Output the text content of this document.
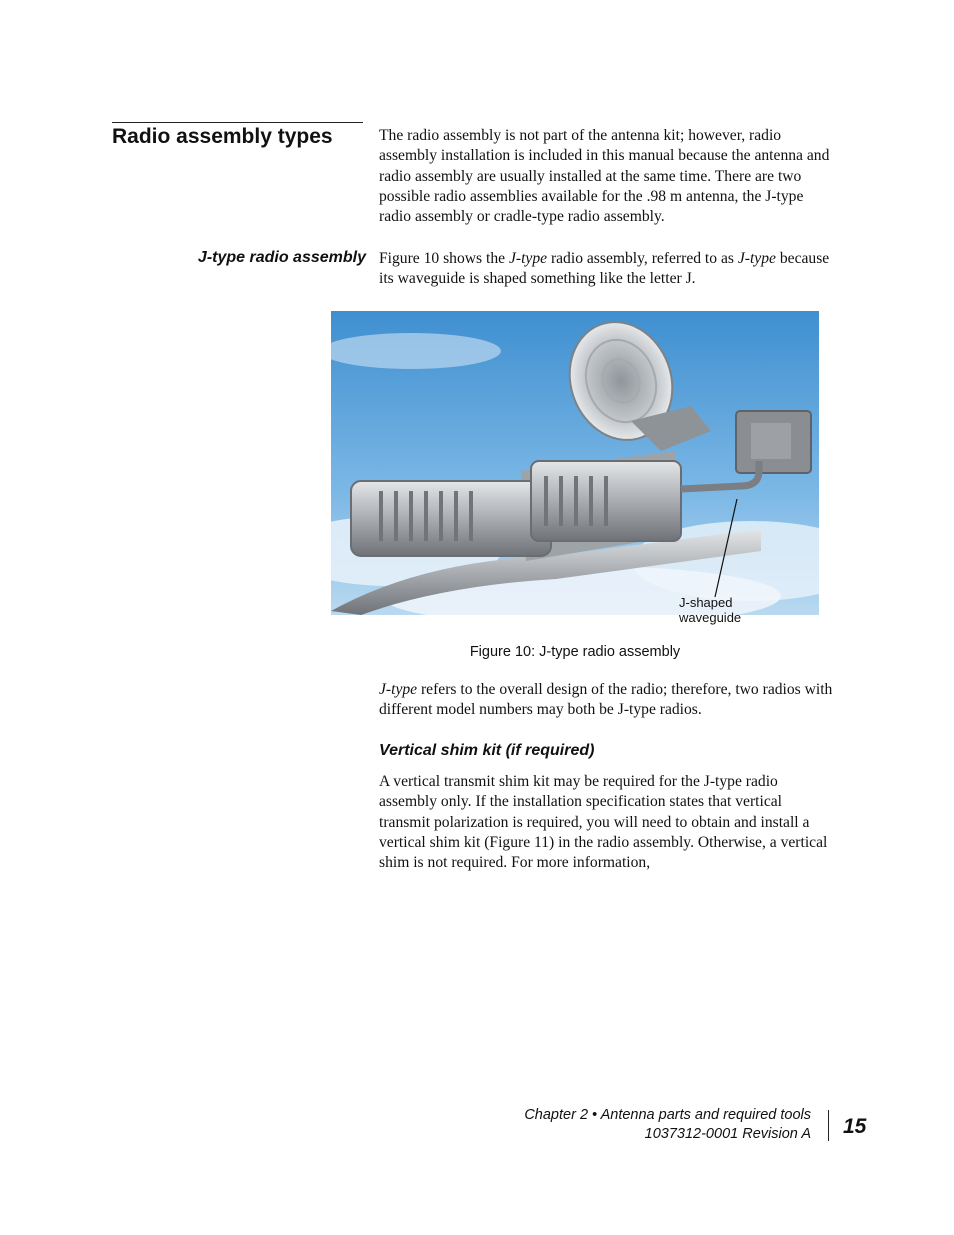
Radio assembly types	The radio assembly is not part of the antenna kit; however, radio assembly installation is included in this manual because the antenna and radio assembly are usually installed at the same time. There are two possible radio assemblies available for the .98 m antenna, the J-type radio assembly or cradle-type radio assembly.
J-type radio assembly Figure 10 shows the J-type radio assembly, referred to as J-type because its waveguide is shaped something like the letter J.
J-shaped
waveguide
Figure 10: J-type radio assembly
J-type refers to the overall design of the radio; therefore, two radios with different model numbers may both be J-type radios.
Vertical shim kit (if required)
A vertical transmit shim kit may be required for the J-type radio assembly only. If the installation specification states that vertical transmit polarization is required, you will need to obtain and install a vertical shim kit (Figure 11) in the radio assembly. Otherwise, a vertical shim is not required. For more information,
Chapter 2 • Antenna parts and required tools
1037312-0001 Revision A 15
